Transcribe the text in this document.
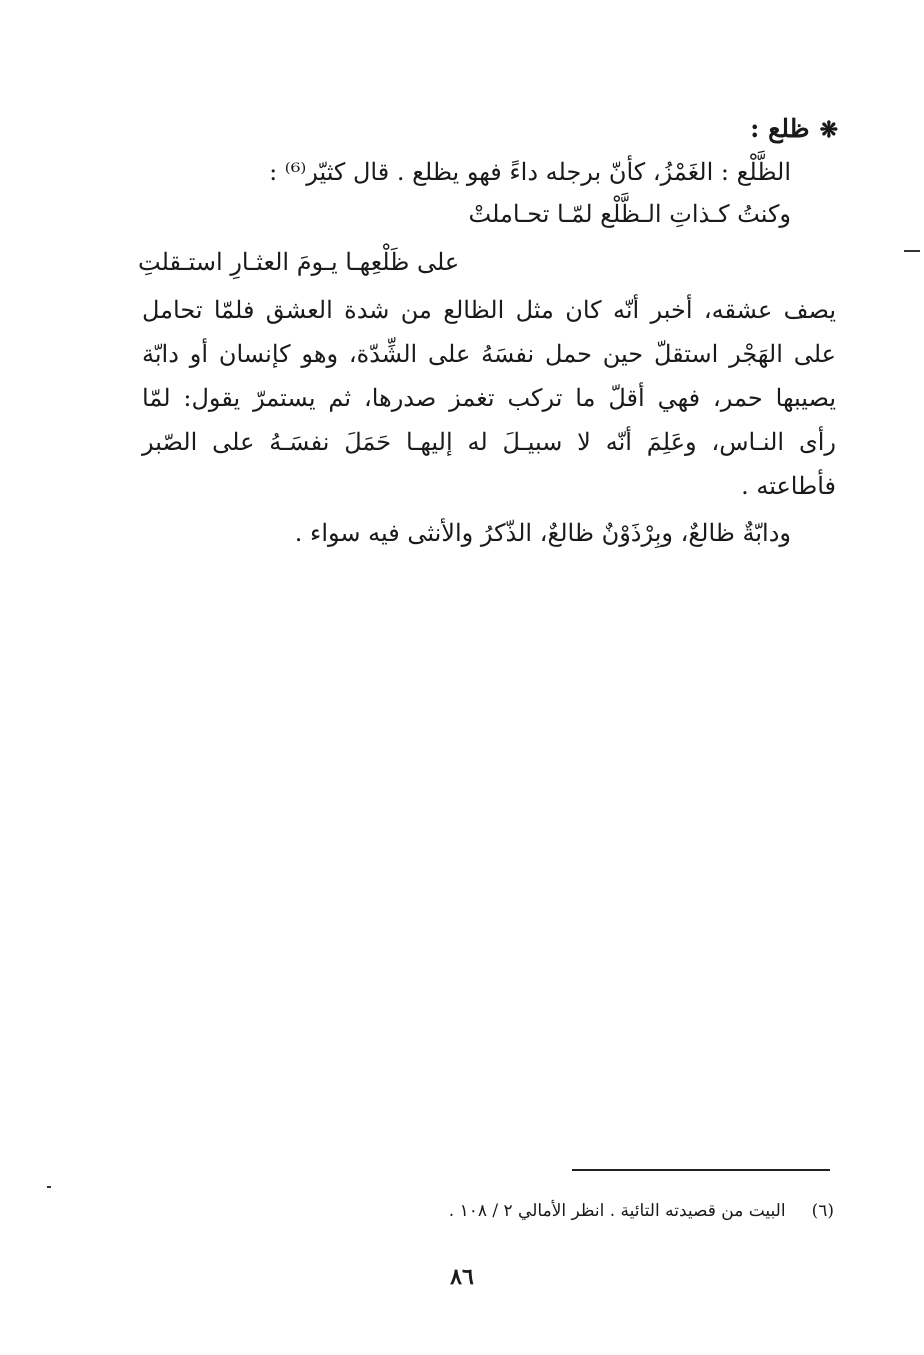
❋ظلع :
الظَّلْع : الغَمْزُ، كأنّ برجله داءً فهو يظلع . قال كثيّر⁽⁶⁾ :
وكنتُ كـذاتِ الـظَّلْع لمّـا تحـاملتْ
على ظَلْعِهـا يـومَ العثـارِ استـقلتِ
يصف عشقه، أخبر أنّه كان مثل الظالع من شدة العشق فلمّا تحامل
على الهَجْر استقلّ حين حمل نفسَهُ على الشِّدّة، وهو كإنسان أو دابّة
يصيبها حمر، فهي أقلّ ما تركب تغمز صدرها، ثم يستمرّ يقول: لمّا
رأى النـاس، وعَلِمَ أنّه لا سبيـلَ له إليهـا حَمَلَ نفسَـهُ على الصّبر
فأطاعته .
ودابّةٌ ظالعٌ، وبِرْذَوْنٌ ظالعٌ، الذّكرُ والأنثى فيه سواء .
(٦)البيت من قصيدته التائية . انظر الأمالي ٢ / ١٠٨ .
٨٦
